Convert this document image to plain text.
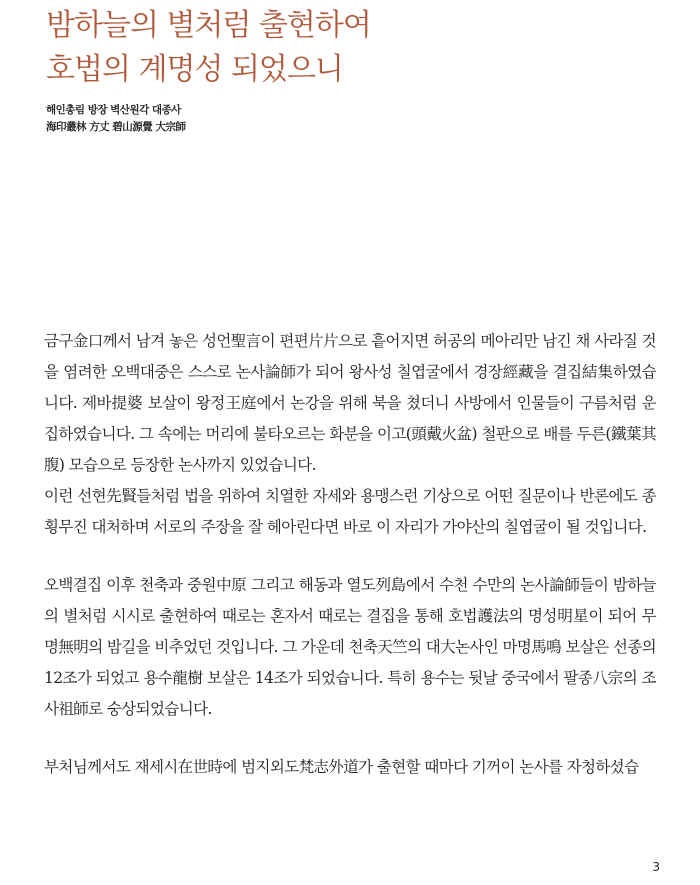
밤하늘의 별처럼 출현하여
호법의 계명성 되었으니
해인총림 방장 벽산원각 대종사
海印叢林 方丈 碧山源覺 大宗師

금구金口께서 남겨 놓은 성언聖言이 편편片片으로 흩어지면 허공의 메아리만 남긴 채 사라질 것을 염려한 오백대중은 스스로 논사論師가 되어 왕사성 칠엽굴에서 경장經藏을 결집結集하였습니다. 제바提婆 보살이 왕정王庭에서 논강을 위해 북을 쳤더니 사방에서 인물들이 구름처럼 운집하였습니다. 그 속에는 머리에 불타오르는 화분을 이고(頭戴火盆) 철판으로 배를 두른(鐵葉其腹) 모습으로 등장한 논사까지 있었습니다.

이런 선현先賢들처럼 법을 위하여 치열한 자세와 용맹스런 기상으로 어떤 질문이나 반론에도 종횡무진 대처하며 서로의 주장을 잘 헤아린다면 바로 이 자리가 가야산의 칠엽굴이 될 것입니다.

오백결집 이후 천축과 중원中原 그리고 해동과 열도列島에서 수천 수만의 논사論師들이 밤하늘의 별처럼 시시로 출현하여 때로는 혼자서 때로는 결집을 통해 호법護法의 명성明星이 되어 무명無明의 밤길을 비추었던 것입니다. 그 가운데 천축天竺의 대大논사인 마명馬鳴 보살은 선종의 12조가 되었고 용수龍樹 보살은 14조가 되었습니다. 특히 용수는 뒷날 중국에서 팔종八宗의 조사祖師로 숭상되었습니다.

부처님께서도 재세시在世時에 범지외도梵志外道가 출현할 때마다 기꺼이 논사를 자청하셨습

3
